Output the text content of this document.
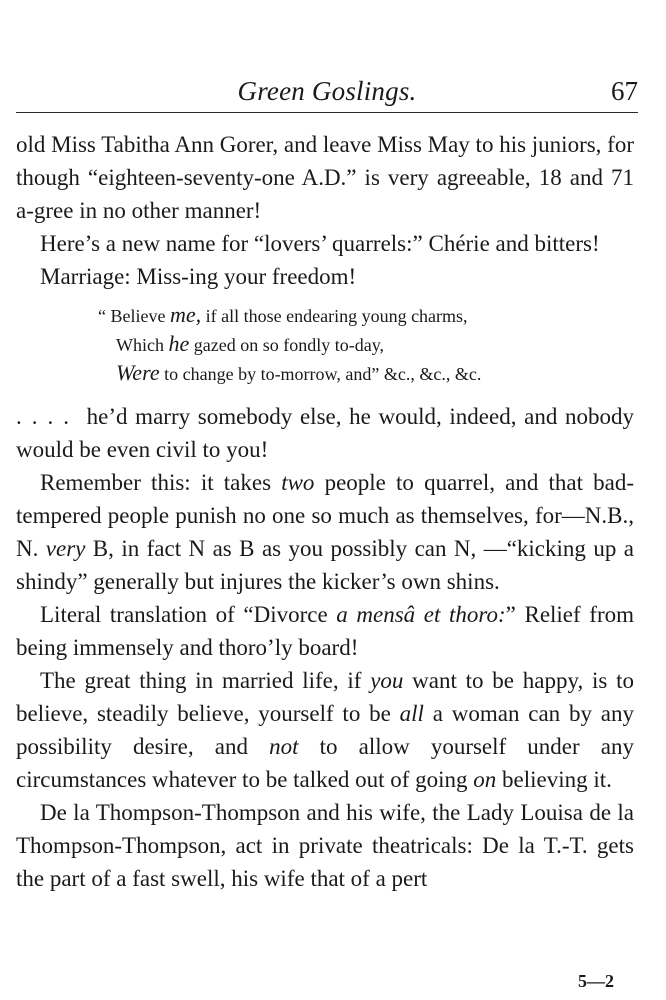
Green Goslings.	67

old Miss Tabitha Ann Gorer, and leave Miss May to his juniors, for though “eighteen-seventy-one A.D.” is very agreeable, 18 and 71 a-gree in no other manner!

Here’s a new name for “lovers’ quarrels:” Chérie and bitters!

Marriage: Miss-ing your freedom!

“ Believe me, if all those endearing young charms,
Which he gazed on so fondly to-day,
Were to change by to-morrow, and” &c., &c., &c.

.... he’d marry somebody else, he would, indeed, and nobody would be even civil to you!

Remember this: it takes two people to quarrel, and that bad-tempered people punish no one so much as themselves, for—N.B., N. very B, in fact N as B as you possibly can N, —“kicking up a shindy” generally but injures the kicker’s own shins.

Literal translation of “Divorce a mensâ et thoro:” Relief from being immensely and thoro’ly board!

The great thing in married life, if you want to be happy, is to believe, steadily believe, yourself to be all a woman can by any possibility desire, and not to allow yourself under any circumstances whatever to be talked out of going on believing it.

De la Thompson-Thompson and his wife, the Lady Louisa de la Thompson-Thompson, act in private theatricals: De la T.-T. gets the part of a fast swell, his wife that of a pert

5—2
